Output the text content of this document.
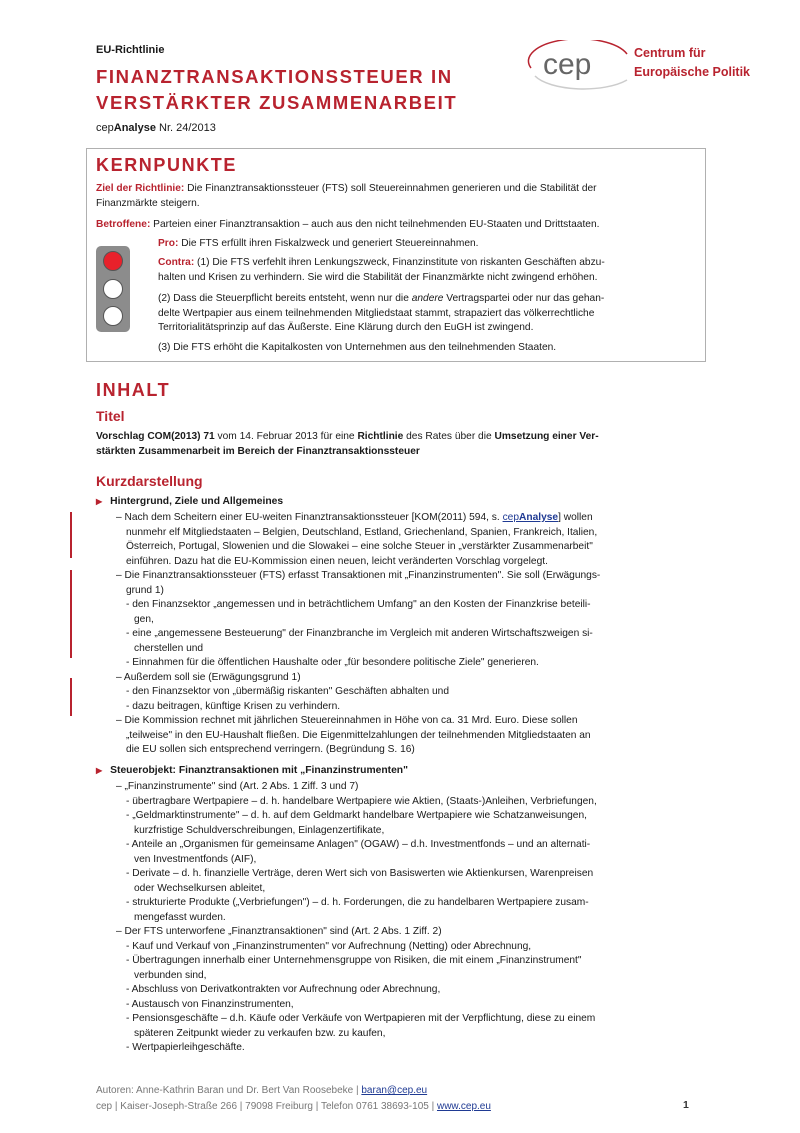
EU-Richtlinie
FINANZTRANSAKTIONSSTEUER IN
VERSTÄRKTER ZUSAMMENARBEIT
cepAnalyse Nr. 24/2013
cep	Centrum für
Europäische Politik
KERNPUNKTE
Ziel der Richtlinie: Die Finanztransaktionssteuer (FTS) soll Steuereinnahmen generieren und die Stabilität der
Finanzmärkte steigern.
Betroffene: Parteien einer Finanztransaktion – auch aus den nicht teilnehmenden EU-Staaten und Drittstaaten.
Pro: Die FTS erfüllt ihren Fiskalzweck und generiert Steuereinnahmen.
Contra: (1) Die FTS verfehlt ihren Lenkungszweck, Finanzinstitute von riskanten Geschäften abzu-
halten und Krisen zu verhindern. Sie wird die Stabilität der Finanzmärkte nicht zwingend erhöhen.
(2) Dass die Steuerpflicht bereits entsteht, wenn nur die andere Vertragspartei oder nur das gehan-
delte Wertpapier aus einem teilnehmenden Mitgliedstaat stammt, strapaziert das völkerrechtliche
Territorialitätsprinzip auf das Äußerste. Eine Klärung durch den EuGH ist zwingend.
(3) Die FTS erhöht die Kapitalkosten von Unternehmen aus den teilnehmenden Staaten.
INHALT
Titel
Vorschlag COM(2013) 71 vom 14. Februar 2013 für eine Richtlinie des Rates über die Umsetzung einer Ver-
stärkten Zusammenarbeit im Bereich der Finanztransaktionssteuer
Kurzdarstellung
▶ Hintergrund, Ziele und Allgemeines
– Nach dem Scheitern einer EU-weiten Finanztransaktionssteuer [KOM(2011) 594, s. cepAnalyse] wollen
nunmehr elf Mitgliedstaaten – Belgien, Deutschland, Estland, Griechenland, Spanien, Frankreich, Italien,
Österreich, Portugal, Slowenien und die Slowakei – eine solche Steuer in „verstärkter Zusammenarbeit"
einführen. Dazu hat die EU-Kommission einen neuen, leicht veränderten Vorschlag vorgelegt.
– Die Finanztransaktionssteuer (FTS) erfasst Transaktionen mit „Finanzinstrumenten". Sie soll (Erwägungs-
grund 1)
- den Finanzsektor „angemessen und in beträchtlichem Umfang" an den Kosten der Finanzkrise beteili-
gen,
- eine „angemessene Besteuerung" der Finanzbranche im Vergleich mit anderen Wirtschaftszweigen si-
cherstellen und
- Einnahmen für die öffentlichen Haushalte oder „für besondere politische Ziele" generieren.
– Außerdem soll sie (Erwägungsgrund 1)
- den Finanzsektor von „übermäßig riskanten" Geschäften abhalten und
- dazu beitragen, künftige Krisen zu verhindern.
– Die Kommission rechnet mit jährlichen Steuereinnahmen in Höhe von ca. 31 Mrd. Euro. Diese sollen
„teilweise" in den EU-Haushalt fließen. Die Eigenmittelzahlungen der teilnehmenden Mitgliedstaaten an
die EU sollen sich entsprechend verringern. (Begründung S. 16)
▶ Steuerobjekt: Finanztransaktionen mit „Finanzinstrumenten"
– „Finanzinstrumente" sind (Art. 2 Abs. 1 Ziff. 3 und 7)
- übertragbare Wertpapiere – d. h. handelbare Wertpapiere wie Aktien, (Staats-)Anleihen, Verbriefungen,
- „Geldmarktinstrumente" – d. h. auf dem Geldmarkt handelbare Wertpapiere wie Schatzanweisungen,
kurzfristige Schuldverschreibungen, Einlagenzertifikate,
- Anteile an „Organismen für gemeinsame Anlagen" (OGAW) – d.h. Investmentfonds – und an alternati-
ven Investmentfonds (AIF),
- Derivate – d. h. finanzielle Verträge, deren Wert sich von Basiswerten wie Aktienkursen, Warenpreisen
oder Wechselkursen ableitet,
- strukturierte Produkte („Verbriefungen") – d. h. Forderungen, die zu handelbaren Wertpapiere zusam-
mengefasst wurden.
– Der FTS unterworfene „Finanztransaktionen" sind (Art. 2 Abs. 1 Ziff. 2)
- Kauf und Verkauf von „Finanzinstrumenten" vor Aufrechnung (Netting) oder Abrechnung,
- Übertragungen innerhalb einer Unternehmensgruppe von Risiken, die mit einem „Finanzinstrument"
verbunden sind,
- Abschluss von Derivatkontrakten vor Aufrechnung oder Abrechnung,
- Austausch von Finanzinstrumenten,
- Pensionsgeschäfte – d.h. Käufe oder Verkäufe von Wertpapieren mit der Verpflichtung, diese zu einem
späteren Zeitpunkt wieder zu verkaufen bzw. zu kaufen,
- Wertpapierleihgeschäfte.
Autoren: Anne-Kathrin Baran und Dr. Bert Van Roosebeke | baran@cep.eu
cep | Kaiser-Joseph-Straße 266 | 79098 Freiburg | Telefon 0761 38693-105 | www.cep.eu	1
